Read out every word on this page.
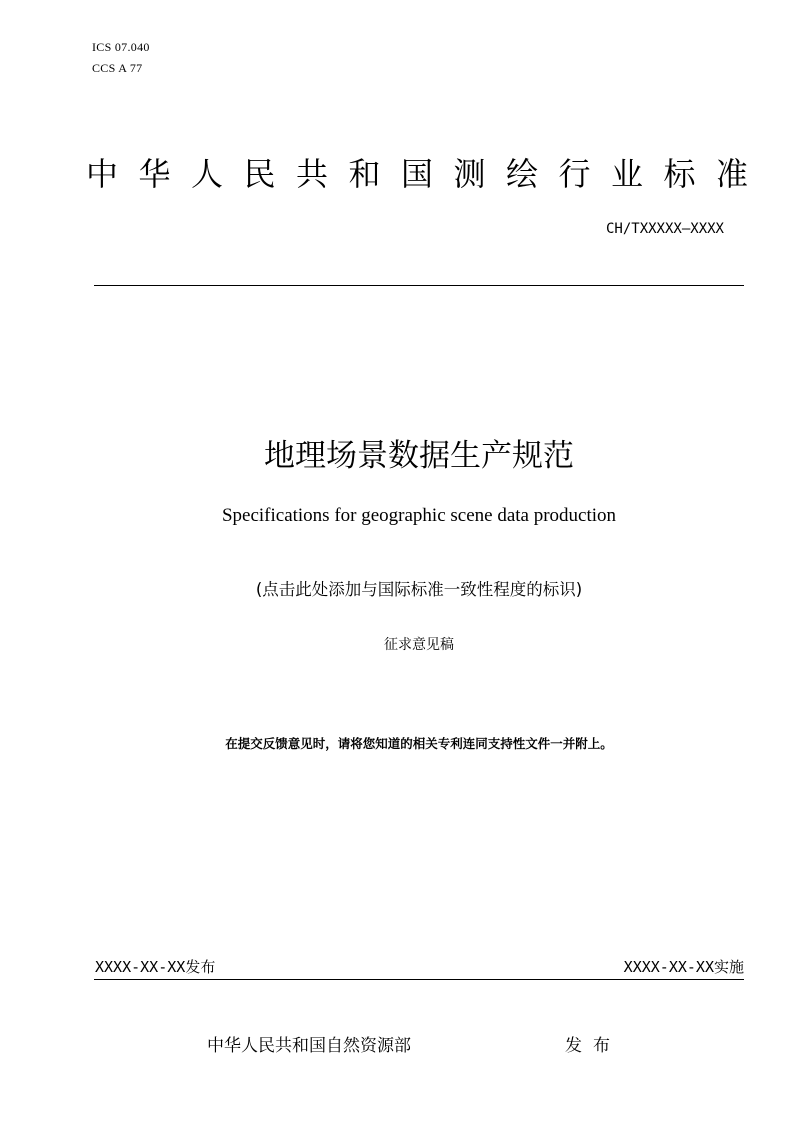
ICS 07.040
CCS A 77
中华人民共和国测绘行业标准
CH/TXXXXX—XXXX
地理场景数据生产规范
Specifications for geographic scene data production
(点击此处添加与国际标准一致性程度的标识)
征求意见稿
在提交反馈意见时，请将您知道的相关专利连同支持性文件一并附上。
XXXX-XX-XX发布	XXXX-XX-XX实施
中华人民共和国自然资源部	发布
